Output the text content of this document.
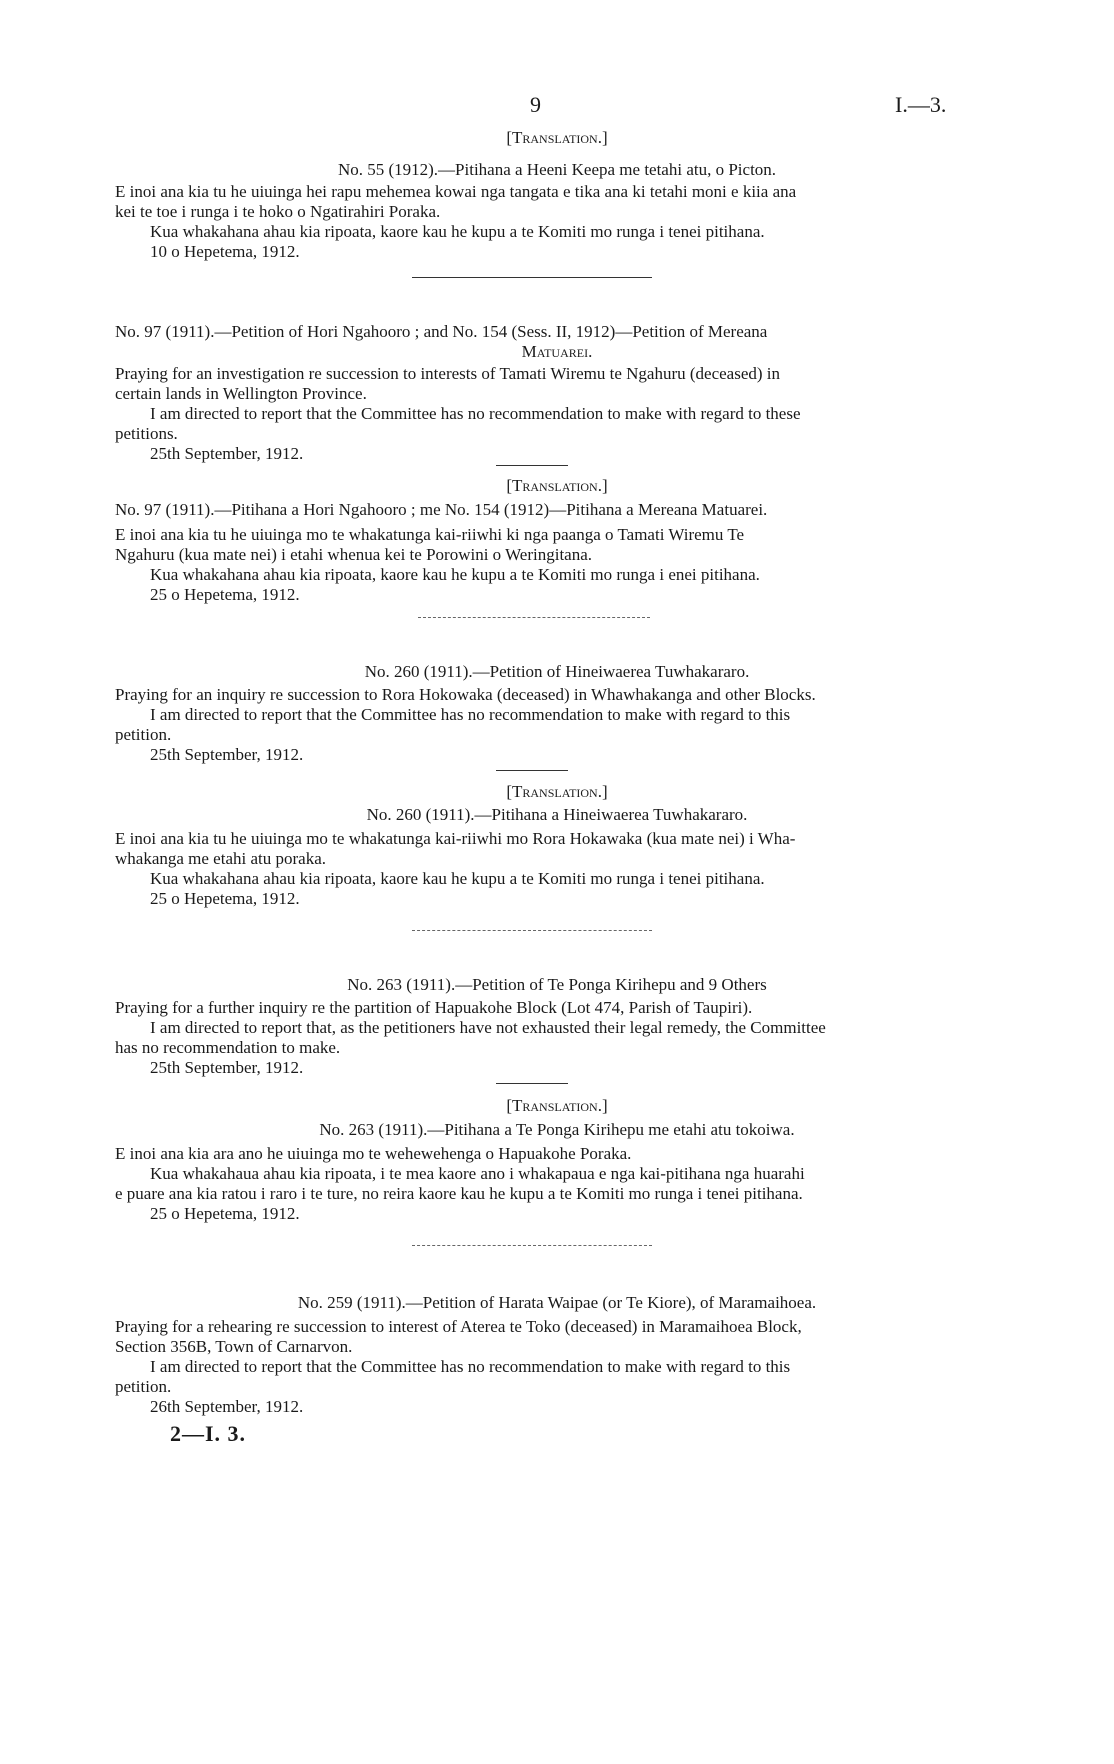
9	I.—3.
[Translation.]
No. 55 (1912).—Pitihana a Heeni Keepa me tetahi atu, o Picton.
E inoi ana kia tu he uiuinga hei rapu mehemea kowai nga tangata e tika ana ki tetahi moni e kiia ana
kei te toe i runga i te hoko o Ngatirahiri Poraka.
Kua whakahana ahau kia ripoata, kaore kau he kupu a te Komiti mo runga i tenei pitihana.
10 o Hepetema, 1912.
No. 97 (1911).—Petition of Hori Ngahooro ; and No. 154 (Sess. II, 1912)—Petition of Mereana
Matuarei.
Praying for an investigation re succession to interests of Tamati Wiremu te Ngahuru (deceased) in
certain lands in Wellington Province.
I am directed to report that the Committee has no recommendation to make with regard to these
petitions.
25th September, 1912.
[Translation.]
No. 97 (1911).—Pitihana a Hori Ngahooro ; me No. 154 (1912)—Pitihana a Mereana Matuarei.
E inoi ana kia tu he uiuinga mo te whakatunga kai-riiwhi ki nga paanga o Tamati Wiremu Te
Ngahuru (kua mate nei) i etahi whenua kei te Porowini o Weringitana.
Kua whakahana ahau kia ripoata, kaore kau he kupu a te Komiti mo runga i enei pitihana.
25 o Hepetema, 1912.
No. 260 (1911).—Petition of Hineiwaerea Tuwhakararo.
Praying for an inquiry re succession to Rora Hokowaka (deceased) in Whawhakanga and other Blocks.
I am directed to report that the Committee has no recommendation to make with regard to this
petition.
25th September, 1912.
[Translation.]
No. 260 (1911).—Pitihana a Hineiwaerea Tuwhakararo.
E inoi ana kia tu he uiuinga mo te whakatunga kai-riiwhi mo Rora Hokawaka (kua mate nei) i Wha-
whakanga me etahi atu poraka.
Kua whakahana ahau kia ripoata, kaore kau he kupu a te Komiti mo runga i tenei pitihana.
25 o Hepetema, 1912.
No. 263 (1911).—Petition of Te Ponga Kirihepu and 9 Others
Praying for a further inquiry re the partition of Hapuakohe Block (Lot 474, Parish of Taupiri).
I am directed to report that, as the petitioners have not exhausted their legal remedy, the Committee
has no recommendation to make.
25th September, 1912.
[Translation.]
No. 263 (1911).—Pitihana a Te Ponga Kirihepu me etahi atu tokoiwa.
E inoi ana kia ara ano he uiuinga mo te wehewehenga o Hapuakohe Poraka.
Kua whakahaua ahau kia ripoata, i te mea kaore ano i whakapaua e nga kai-pitihana nga huarahi
e puare ana kia ratou i raro i te ture, no reira kaore kau he kupu a te Komiti mo runga i tenei pitihana.
25 o Hepetema, 1912.
No. 259 (1911).—Petition of Harata Waipae (or Te Kiore), of Maramaihoea.
Praying for a rehearing re succession to interest of Aterea te Toko (deceased) in Maramaihoea Block,
Section 356B, Town of Carnarvon.
I am directed to report that the Committee has no recommendation to make with regard to this
petition.
26th September, 1912.
2—I. 3.
